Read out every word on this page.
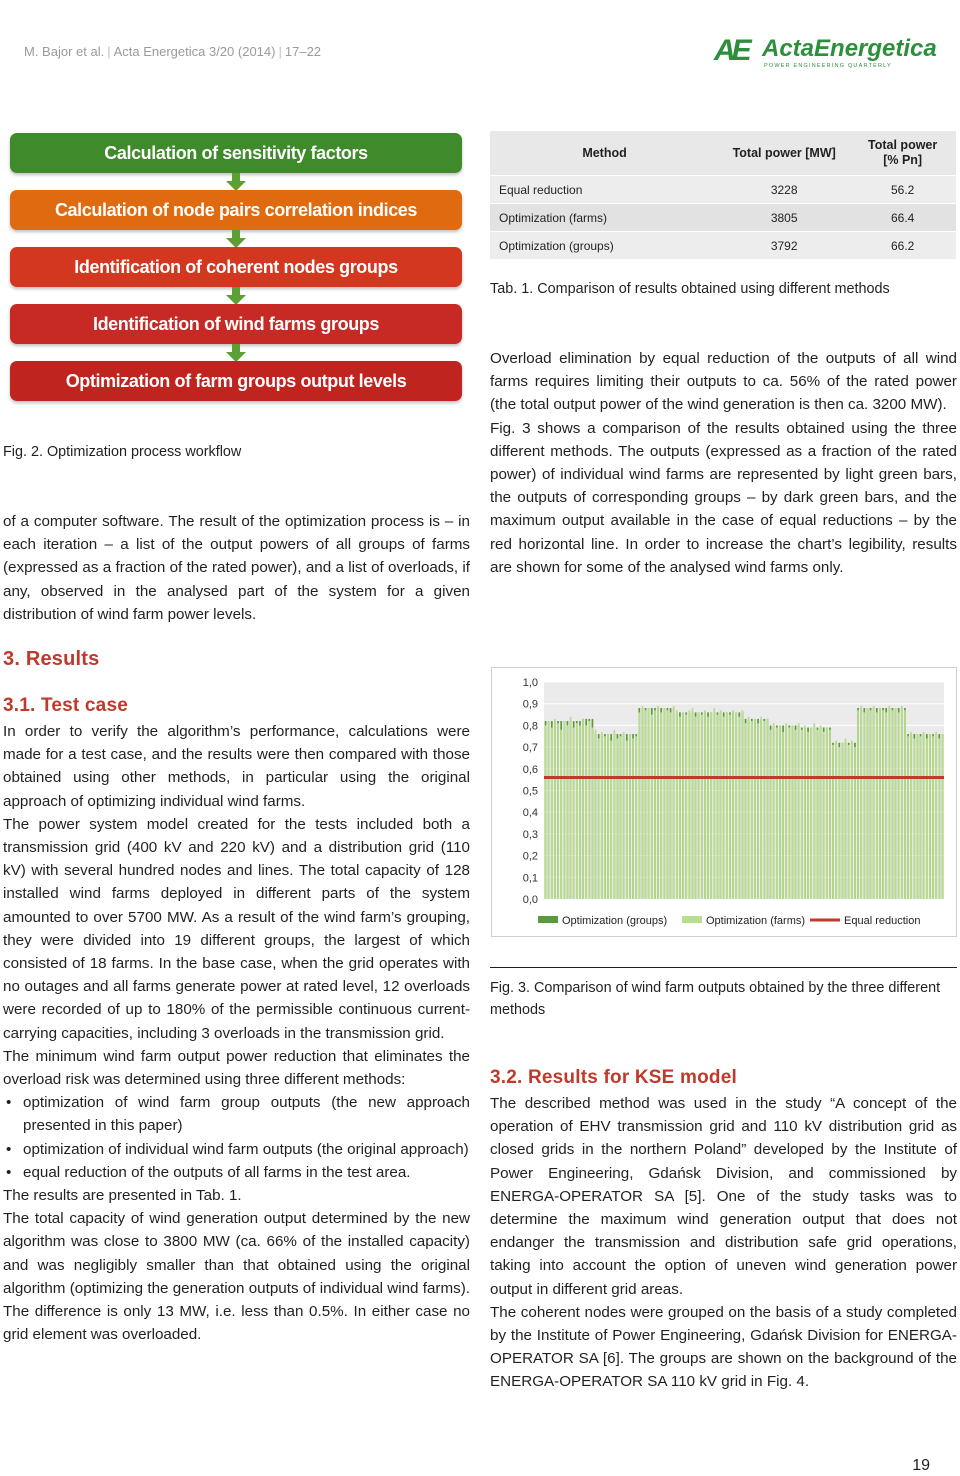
M. Bajor et al. | Acta Energetica 3/20 (2014) | 17–22	AE ActaEnergetica
POWER ENGINEERING QUARTERLY
Calculation of sensitivity factors
Calculation of node pairs correlation indices
Identification of coherent nodes groups
Identification of wind farms groups
Optimization of farm groups output levels
Fig. 2. Optimization process workflow

of a computer software. The result of the optimization process is – in each iteration – a list of the output powers of all groups of farms (expressed as a fraction of the rated power), and a list of overloads, if any, observed in the analysed part of the system for a given distribution of wind farm power levels.

3. Results
3.1. Test case

In order to verify the algorithm’s performance, calculations were made for a test case, and the results were then compared with those obtained using other methods, in particular using the original approach of optimizing individual wind farms.

The power system model created for the tests included both a transmission grid (400 kV and 220 kV) and a distribution grid (110 kV) with several hundred nodes and lines. The total capacity of 128 installed wind farms deployed in different parts of the system amounted to over 5700 MW. As a result of the wind farm’s grouping, they were divided into 19 different groups, the largest of which consisted of 18 farms. In the base case, when the grid operates with no outages and all farms generate power at rated level, 12 overloads were recorded of up to 180% of the permissible continuous current-carrying capacities, including 3 overloads in the transmission grid.

The minimum wind farm output power reduction that eliminates the overload risk was determined using three different methods:

• optimization of wind farm group outputs (the new approach presented in this paper)
• optimization of individual wind farm outputs (the original approach)
• equal reduction of the outputs of all farms in the test area.

The results are presented in Tab. 1.

The total capacity of wind generation output determined by the new algorithm was close to 3800 MW (ca. 66% of the installed capacity) and was negligibly smaller than that obtained using the original algorithm (optimizing the generation outputs of individual wind farms). The difference is only 13 MW, i.e. less than 0.5%. In either case no grid element was overloaded.

Method	Total power [MW]	Total power
[% Pn]
Equal reduction	3228	56.2
Optimization (farms)	3805	66.4
Optimization (groups)	3792	66.2
Tab. 1. Comparison of results obtained using different methods

Overload elimination by equal reduction of the outputs of all wind farms requires limiting their outputs to ca. 56% of the rated power (the total output power of the wind generation is then ca. 3200 MW).

Fig. 3 shows a comparison of the results obtained using the three different methods. The outputs (expressed as a fraction of the rated power) of individual wind farms are represented by light green bars, the outputs of corresponding groups – by dark green bars, and the maximum output available in the case of equal reductions – by the red horizontal line. In order to increase the chart’s legibility, results are shown for some of the analysed wind farms only.

0,0
0,1
0,2
0,3
0,4
0,5
0,6
0,7
0,8
0,9
1,0
Optimization (groups)	Optimization (farms)	Equal reduction
Fig. 3. Comparison of wind farm outputs obtained by the three different methods
3.2. Results for KSE model

The described method was used in the study “A concept of the operation of EHV transmission grid and 110 kV distribution grid as closed grids in the northern Poland” developed by the Institute of Power Engineering, Gdańsk Division, and commissioned by ENERGA-OPERATOR SA [5]. One of the study tasks was to determine the maximum wind generation output that does not endanger the transmission and distribution safe grid operations, taking into account the option of uneven wind generation power output in different grid areas.

The coherent nodes were grouped on the basis of a study completed by the Institute of Power Engineering, Gdańsk Division for ENERGA-OPERATOR SA [6]. The groups are shown on the background of the ENERGA-OPERATOR SA 110 kV grid in Fig. 4.

19
